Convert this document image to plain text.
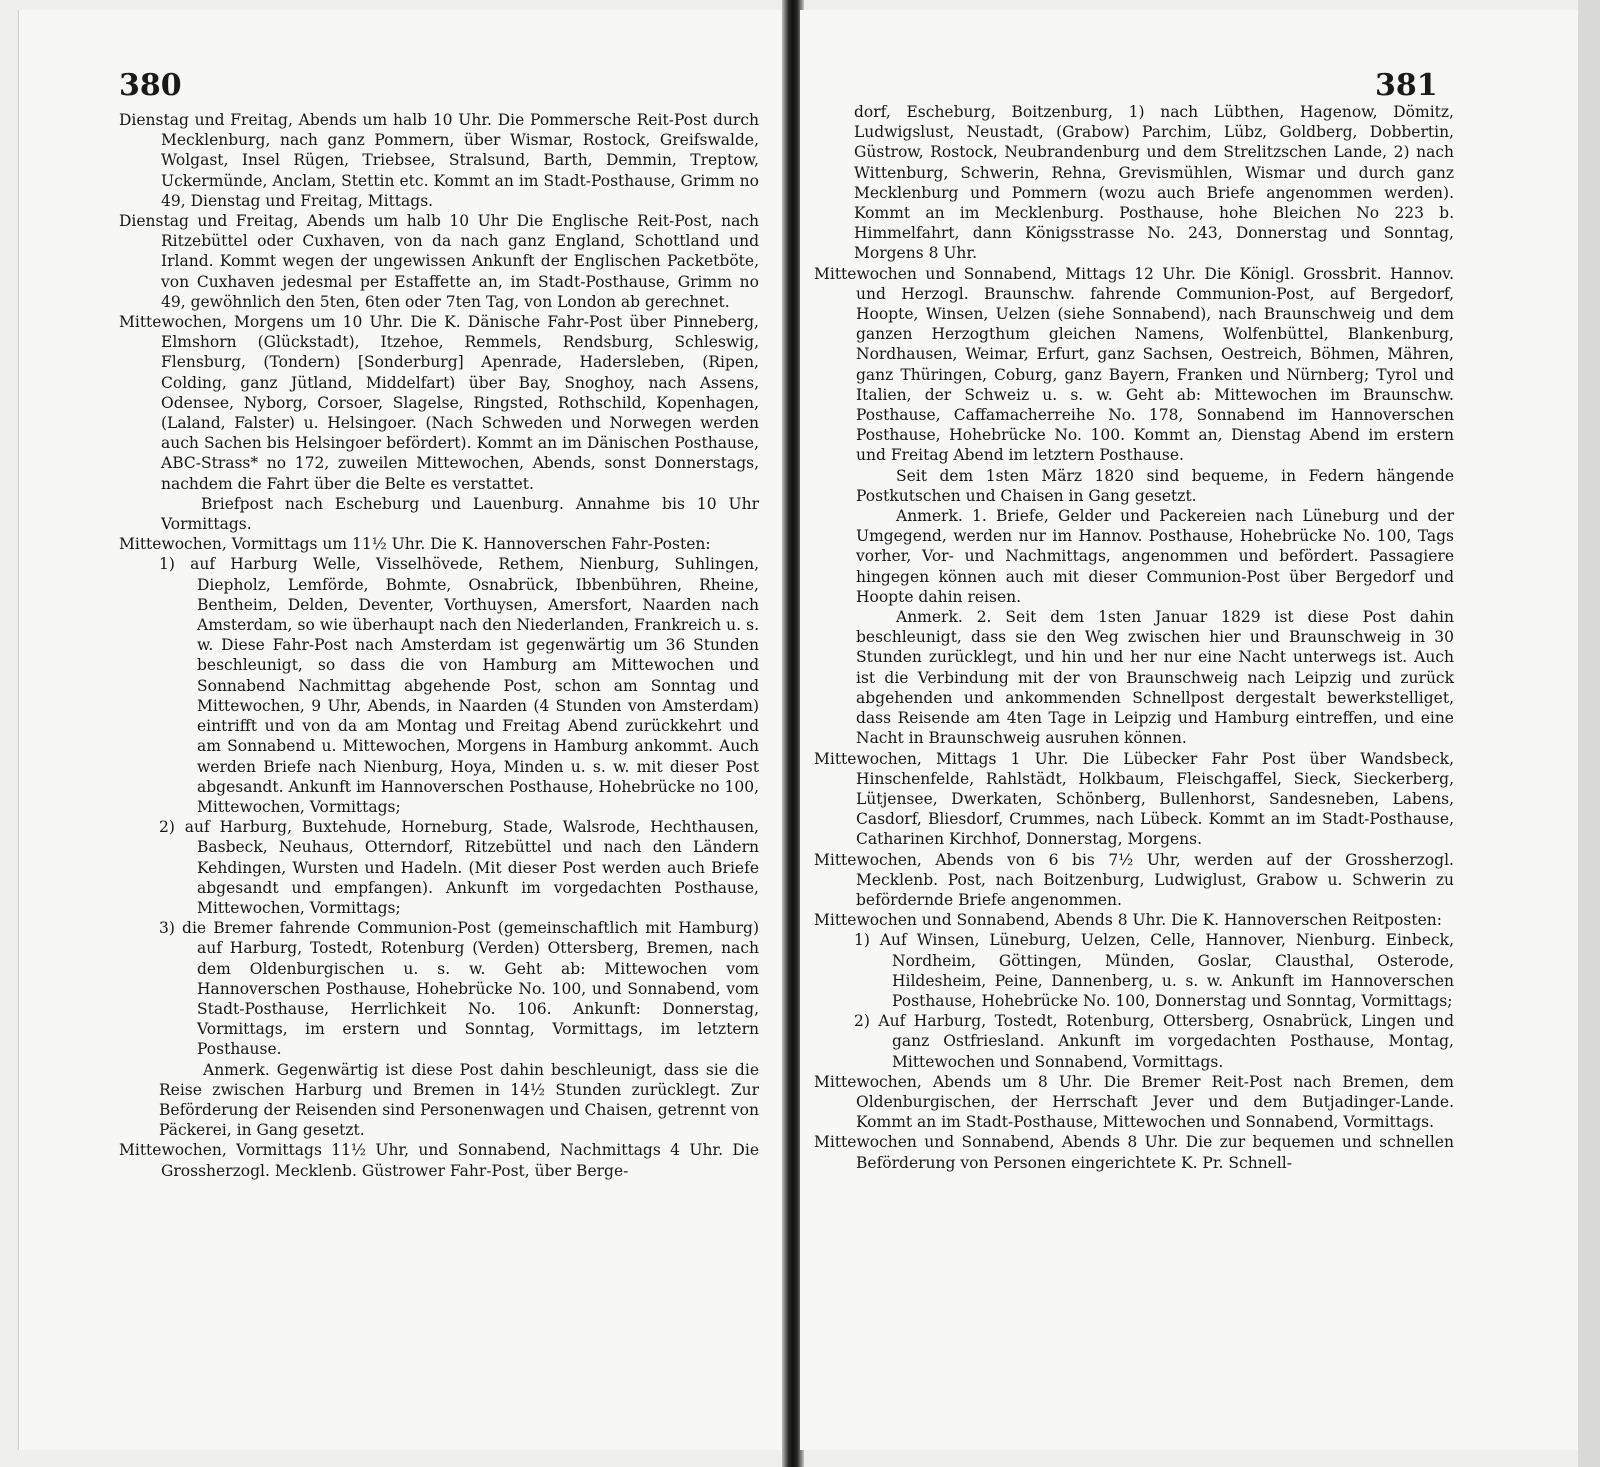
380

Dienstag und Freitag, Abends um halb 10 Uhr. Die Pommersche Reit-Post durch Mecklenburg, nach ganz Pommern, über Wismar, Rostock, Greifswalde, Wolgast, Insel Rügen, Triebsee, Stralsund, Barth, Demmin, Treptow, Uckermünde, Anclam, Stettin etc. Kommt an im Stadt-Posthause, Grimm no 49, Dienstag und Freitag, Mittags.

Dienstag und Freitag, Abends um halb 10 Uhr Die Englische Reit-Post, nach Ritzebüttel oder Cuxhaven, von da nach ganz England, Schottland und Irland. Kommt wegen der ungewissen Ankunft der Englischen Packetböte, von Cuxhaven jedesmal per Estaffette an, im Stadt-Posthause, Grimm no 49, gewöhnlich den 5ten, 6ten oder 7ten Tag, von London ab gerechnet.

Mittewochen, Morgens um 10 Uhr. Die K. Dänische Fahr-Post über Pinneberg, Elmshorn (Glückstadt), Itzehoe, Remmels, Rendsburg, Schleswig, Flensburg, (Tondern) [Sonderburg] Apenrade, Hadersleben, (Ripen, Colding, ganz Jütland, Middelfart) über Bay, Snoghoy, nach Assens, Odensee, Nyborg, Corsoer, Slagelse, Ringsted, Rothschild, Kopenhagen, (Laland, Falster) u. Helsingoer. (Nach Schweden und Norwegen werden auch Sachen bis Helsingoer befördert). Kommt an im Dänischen Posthause, ABC-Strass* no 172, zuweilen Mittewochen, Abends, sonst Donnerstags, nachdem die Fahrt über die Belte es verstattet.

Briefpost nach Escheburg und Lauenburg. Annahme bis 10 Uhr Vormittags.

Mittewochen, Vormittags um 11½ Uhr. Die K. Hannoverschen Fahr-Posten:

1) auf Harburg Welle, Visselhövede, Rethem, Nienburg, Suhlingen, Diepholz, Lemförde, Bohmte, Osnabrück, Ibbenbühren, Rheine, Bentheim, Delden, Deventer, Vorthuysen, Amersfort, Naarden nach Amsterdam, so wie überhaupt nach den Niederlanden, Frankreich u. s. w. Diese Fahr-Post nach Amsterdam ist gegenwärtig um 36 Stunden beschleunigt, so dass die von Hamburg am Mittewochen und Sonnabend Nachmittag abgehende Post, schon am Sonntag und Mittewochen, 9 Uhr, Abends, in Naarden (4 Stunden von Amsterdam) eintrifft und von da am Montag und Freitag Abend zurückkehrt und am Sonnabend u. Mittewochen, Morgens in Hamburg ankommt. Auch werden Briefe nach Nienburg, Hoya, Minden u. s. w. mit dieser Post abgesandt. Ankunft im Hannoverschen Posthause, Hohebrücke no 100, Mittewochen, Vormittags;

2) auf Harburg, Buxtehude, Horneburg, Stade, Walsrode, Hechthausen, Basbeck, Neuhaus, Otterndorf, Ritzebüttel und nach den Ländern Kehdingen, Wursten und Hadeln. (Mit dieser Post werden auch Briefe abgesandt und empfangen). Ankunft im vorgedachten Posthause, Mittewochen, Vormittags;

3) die Bremer fahrende Communion-Post (gemeinschaftlich mit Hamburg) auf Harburg, Tostedt, Rotenburg (Verden) Ottersberg, Bremen, nach dem Oldenburgischen u. s. w. Geht ab: Mittewochen vom Hannoverschen Posthause, Hohebrücke No. 100, und Sonnabend, vom Stadt-Posthause, Herrlichkeit No. 106. Ankunft: Donnerstag, Vormittags, im erstern und Sonntag, Vormittags, im letztern Posthause.

Anmerk. Gegenwärtig ist diese Post dahin beschleunigt, dass sie die Reise zwischen Harburg und Bremen in 14½ Stunden zurücklegt. Zur Beförderung der Reisenden sind Personenwagen und Chaisen, getrennt von Päckerei, in Gang gesetzt.

Mittewochen, Vormittags 11½ Uhr, und Sonnabend, Nachmittags 4 Uhr. Die Grossherzogl. Mecklenb. Güstrower Fahr-Post, über Berge-

381

dorf, Escheburg, Boitzenburg, 1) nach Lübthen, Hagenow, Dömitz, Ludwigslust, Neustadt, (Grabow) Parchim, Lübz, Goldberg, Dobbertin, Güstrow, Rostock, Neubrandenburg und dem Strelitzschen Lande, 2) nach Wittenburg, Schwerin, Rehna, Grevismühlen, Wismar und durch ganz Mecklenburg und Pommern (wozu auch Briefe angenommen werden). Kommt an im Mecklenburg. Posthause, hohe Bleichen No 223 b. Himmelfahrt, dann Königsstrasse No. 243, Donnerstag und Sonntag, Morgens 8 Uhr.

Mittewochen und Sonnabend, Mittags 12 Uhr. Die Königl. Grossbrit. Hannov. und Herzogl. Braunschw. fahrende Communion-Post, auf Bergedorf, Hoopte, Winsen, Uelzen (siehe Sonnabend), nach Braunschweig und dem ganzen Herzogthum gleichen Namens, Wolfenbüttel, Blankenburg, Nordhausen, Weimar, Erfurt, ganz Sachsen, Oestreich, Böhmen, Mähren, ganz Thüringen, Coburg, ganz Bayern, Franken und Nürnberg; Tyrol und Italien, der Schweiz u. s. w. Geht ab: Mittewochen im Braunschw. Posthause, Caffamacherreihe No. 178, Sonnabend im Hannoverschen Posthause, Hohebrücke No. 100. Kommt an, Dienstag Abend im erstern und Freitag Abend im letztern Posthause.

Seit dem 1sten März 1820 sind bequeme, in Federn hängende Postkutschen und Chaisen in Gang gesetzt.

Anmerk. 1. Briefe, Gelder und Packereien nach Lüneburg und der Umgegend, werden nur im Hannov. Posthause, Hohebrücke No. 100, Tags vorher, Vor- und Nachmittags, angenommen und befördert. Passagiere hingegen können auch mit dieser Communion-Post über Bergedorf und Hoopte dahin reisen.

Anmerk. 2. Seit dem 1sten Januar 1829 ist diese Post dahin beschleunigt, dass sie den Weg zwischen hier und Braunschweig in 30 Stunden zurücklegt, und hin und her nur eine Nacht unterwegs ist. Auch ist die Verbindung mit der von Braunschweig nach Leipzig und zurück abgehenden und ankommenden Schnellpost dergestalt bewerkstelliget, dass Reisende am 4ten Tage in Leipzig und Hamburg eintreffen, und eine Nacht in Braunschweig ausruhen können.

Mittewochen, Mittags 1 Uhr. Die Lübecker Fahr Post über Wandsbeck, Hinschenfelde, Rahlstädt, Holkbaum, Fleischgaffel, Sieck, Sieckerberg, Lütjensee, Dwerkaten, Schönberg, Bullenhorst, Sandesneben, Labens, Casdorf, Bliesdorf, Crummes, nach Lübeck. Kommt an im Stadt-Posthause, Catharinen Kirchhof, Donnerstag, Morgens.

Mittewochen, Abends von 6 bis 7½ Uhr, werden auf der Grossherzogl. Mecklenb. Post, nach Boitzenburg, Ludwiglust, Grabow u. Schwerin zu befördernde Briefe angenommen.

Mittewochen und Sonnabend, Abends 8 Uhr. Die K. Hannoverschen Reitposten:

1) Auf Winsen, Lüneburg, Uelzen, Celle, Hannover, Nienburg. Einbeck, Nordheim, Göttingen, Münden, Goslar, Clausthal, Osterode, Hildesheim, Peine, Dannenberg, u. s. w. Ankunft im Hannoverschen Posthause, Hohebrücke No. 100, Donnerstag und Sonntag, Vormittags;

2) Auf Harburg, Tostedt, Rotenburg, Ottersberg, Osnabrück, Lingen und ganz Ostfriesland. Ankunft im vorgedachten Posthause, Montag, Mittewochen und Sonnabend, Vormittags.

Mittewochen, Abends um 8 Uhr. Die Bremer Reit-Post nach Bremen, dem Oldenburgischen, der Herrschaft Jever und dem Butjadinger-Lande. Kommt an im Stadt-Posthause, Mittewochen und Sonnabend, Vormittags.

Mittewochen und Sonnabend, Abends 8 Uhr. Die zur bequemen und schnellen Beförderung von Personen eingerichtete K. Pr. Schnell-
